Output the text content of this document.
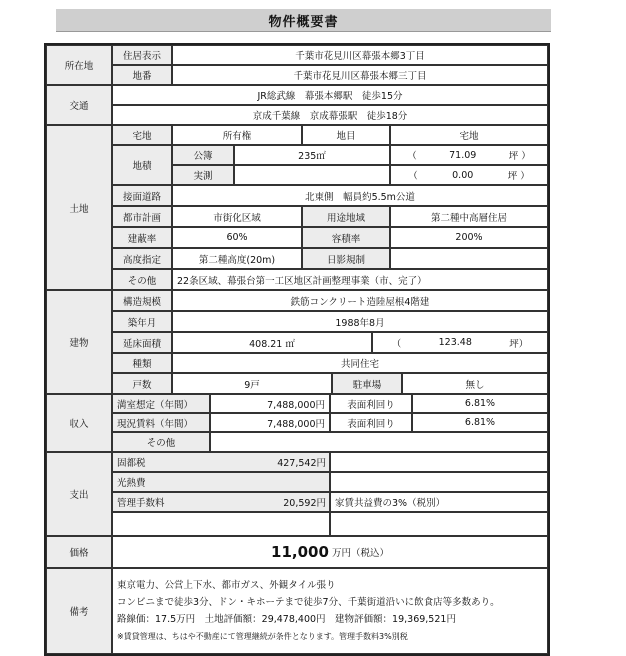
物件概要書
所在地
住居表示	千葉市花見川区幕張本郷3丁目
地番	千葉市花見川区幕張本郷三丁目
交通
JR総武線　幕張本郷駅　徒歩15分
京成千葉線　京成幕張駅　徒歩18分
土地
宅地	所有権	地目	宅地
地積
公簿	235㎡	（	71.09	坪 ）
実測	（	0.00	坪 ）
接面道路	北東側　幅員約5.5m公道
都市計画	市街化区域	用途地域	第二種中高層住居
建蔽率	60%	容積率	200%
高度指定	第二種高度(20m)	日影規制
その他	22条区域、幕張台第一工区地区計画整理事業（市、完了）
建物
構造規模	鉄筋コンクリート造陸屋根4階建
築年月	1988年8月
延床面積	408.21 ㎡	（	123.48	坪）
種類	共同住宅
戸数	9戸	駐車場	無し
収入
満室想定（年間）	7,488,000円	表面利回り	6.81%
現況賃料（年間）	7,488,000円	表面利回り	6.81%
その他
支出
固都税	427,542円
光熱費
管理手数料	20,592円 家賃共益費の3%（税別）
価格	11,000 万円（税込）
備考
東京電力、公営上下水、都市ガス、外観タイル張り
コンビニまで徒歩3分、ドン・キホーテまで徒歩7分、千葉街道沿いに飲食店等多数あり。
路線価：17.5万円　土地評価額：29,478,400円　建物評価額：19,369,521円
※賃貸管理は、ちはや不動産にて管理継続が条件となります。管理手数料3%別税
